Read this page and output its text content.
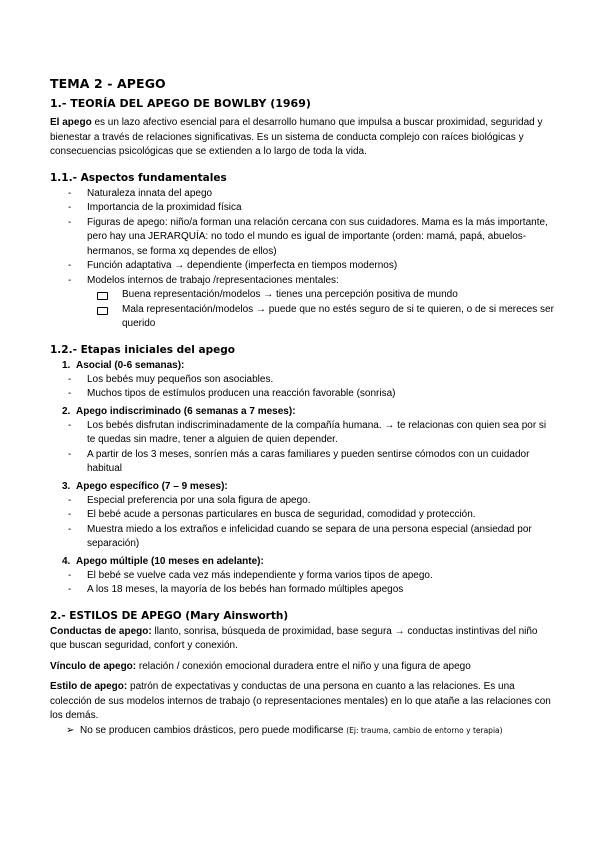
TEMA 2 - APEGO
1.- TEORÍA DEL APEGO DE BOWLBY (1969)

El apego es un lazo afectivo esencial para el desarrollo humano que impulsa a buscar proximidad, seguridad y bienestar a través de relaciones significativas. Es un sistema de conducta complejo con raíces biológicas y consecuencias psicológicas que se extienden a lo largo de toda la vida.

1.1.- Aspectos fundamentales
- Naturaleza innata del apego
- Importancia de la proximidad física
- Figuras de apego: niño/a forman una relación cercana con sus cuidadores. Mama es la más importante, pero hay una JERARQUÍA: no todo el mundo es igual de importante (orden: mamá, papá, abuelos-hermanos, se forma xq dependes de ellos)
- Función adaptativa → dependiente (imperfecta en tiempos modernos)
- Modelos internos de trabajo /representaciones mentales:
Buena representación/modelos → tienes una percepción positiva de mundo
Mala representación/modelos → puede que no estés seguro de si te quieren, o de si mereces ser querido
1.2.- Etapas iniciales del apego
1. Asocial (0-6 semanas):
- Los bebés muy pequeños son asociables.
- Muchos tipos de estímulos producen una reacción favorable (sonrisa)
2. Apego indiscriminado (6 semanas a 7 meses):
- Los bebés disfrutan indiscriminadamente de la compañía humana. → te relacionas con quien sea por si te quedas sin madre, tener a alguien de quien depender.
- A partir de los 3 meses, sonríen más a caras familiares y pueden sentirse cómodos con un cuidador habitual
3. Apego específico (7 – 9 meses):
- Especial preferencia por una sola figura de apego.
- El bebé acude a personas particulares en busca de seguridad, comodidad y protección.
- Muestra miedo a los extraños e infelicidad cuando se separa de una persona especial (ansiedad por separación)
4. Apego múltiple (10 meses en adelante):
- El bebé se vuelve cada vez más independiente y forma varios tipos de apego.
- A los 18 meses, la mayoría de los bebés han formado múltiples apegos
2.- ESTILOS DE APEGO (Mary Ainsworth)

Conductas de apego: llanto, sonrisa, búsqueda de proximidad, base segura → conductas instintivas del niño que buscan seguridad, confort y conexión.

Vínculo de apego: relación / conexión emocional duradera entre el niño y una figura de apego

Estilo de apego: patrón de expectativas y conductas de una persona en cuanto a las relaciones. Es una colección de sus modelos internos de trabajo (o representaciones mentales) en lo que atañe a las relaciones con los demás.

➢ No se producen cambios drásticos, pero puede modificarse (Ej: trauma, cambio de entorno y terapia)
